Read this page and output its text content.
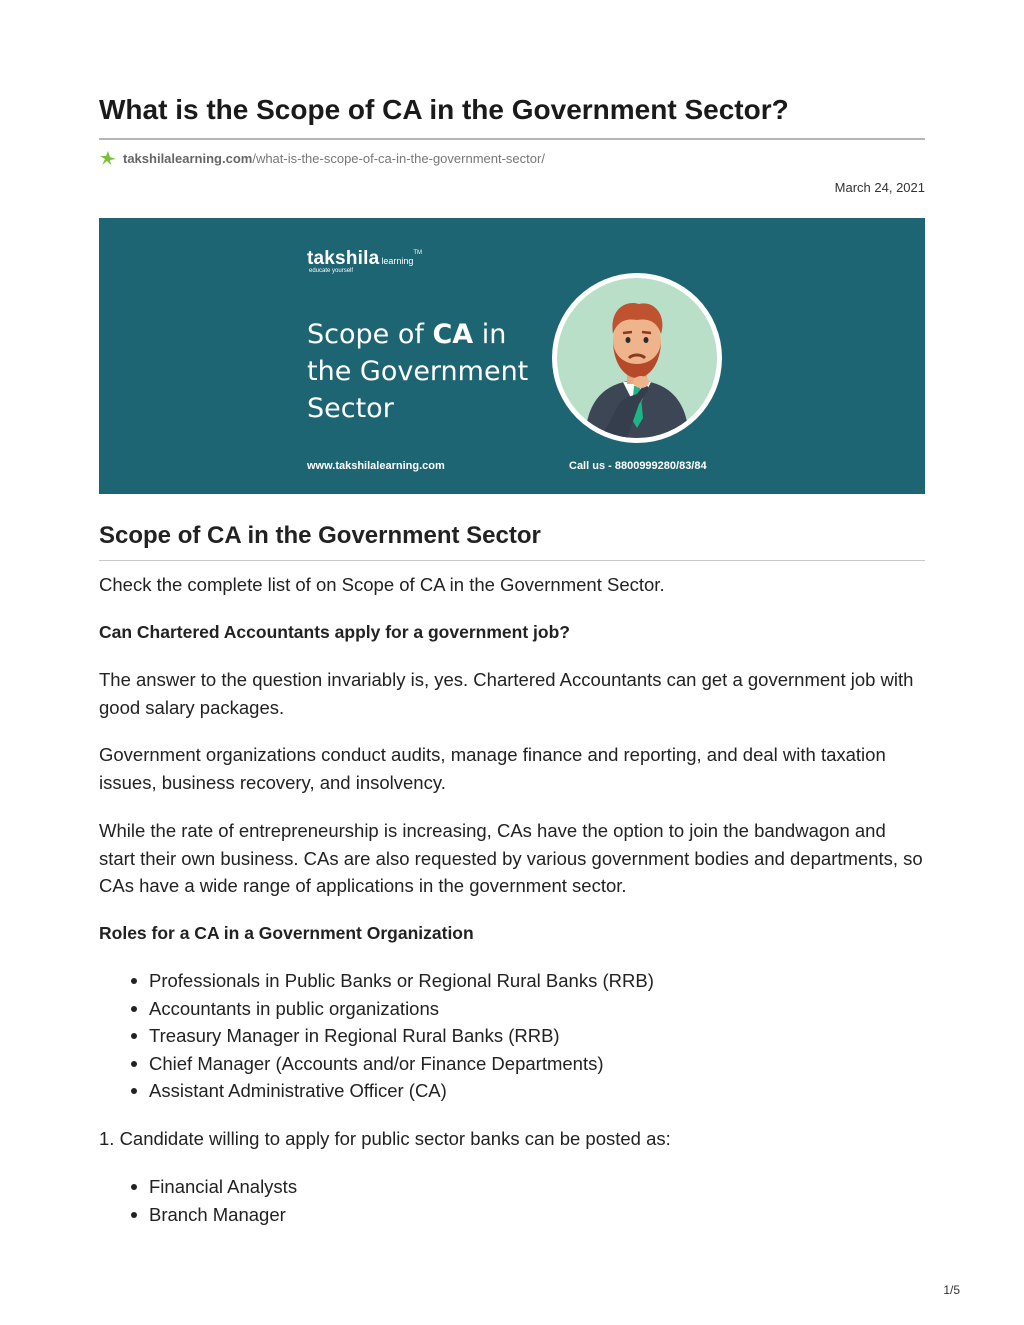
What is the Scope of CA in the Government Sector?
takshilalearning.com /what-is-the-scope-of-ca-in-the-government-sector/
March 24, 2021
takshila learning™
educate yourself
Scope of CA in
the Government
Sector
www.takshilalearning.com	Call us - 8800999280/83/84
Scope of CA in the Government Sector

Check the complete list of on Scope of CA in the Government Sector.

Can Chartered Accountants apply for a government job?

The answer to the question invariably is, yes. Chartered Accountants can get a government job with good salary packages.

Government organizations conduct audits, manage finance and reporting, and deal with taxation issues, business recovery, and insolvency.

While the rate of entrepreneurship is increasing, CAs have the option to join the bandwagon and start their own business. CAs are also requested by various government bodies and departments, so CAs have a wide range of applications in the government sector.

Roles for a CA in a Government Organization

Professionals in Public Banks or Regional Rural Banks (RRB)
Accountants in public organizations
Treasury Manager in Regional Rural Banks (RRB)
Chief Manager (Accounts and/or Finance Departments)
Assistant Administrative Officer (CA)

1. Candidate willing to apply for public sector banks can be posted as:

Financial Analysts
Branch Manager
1/5
